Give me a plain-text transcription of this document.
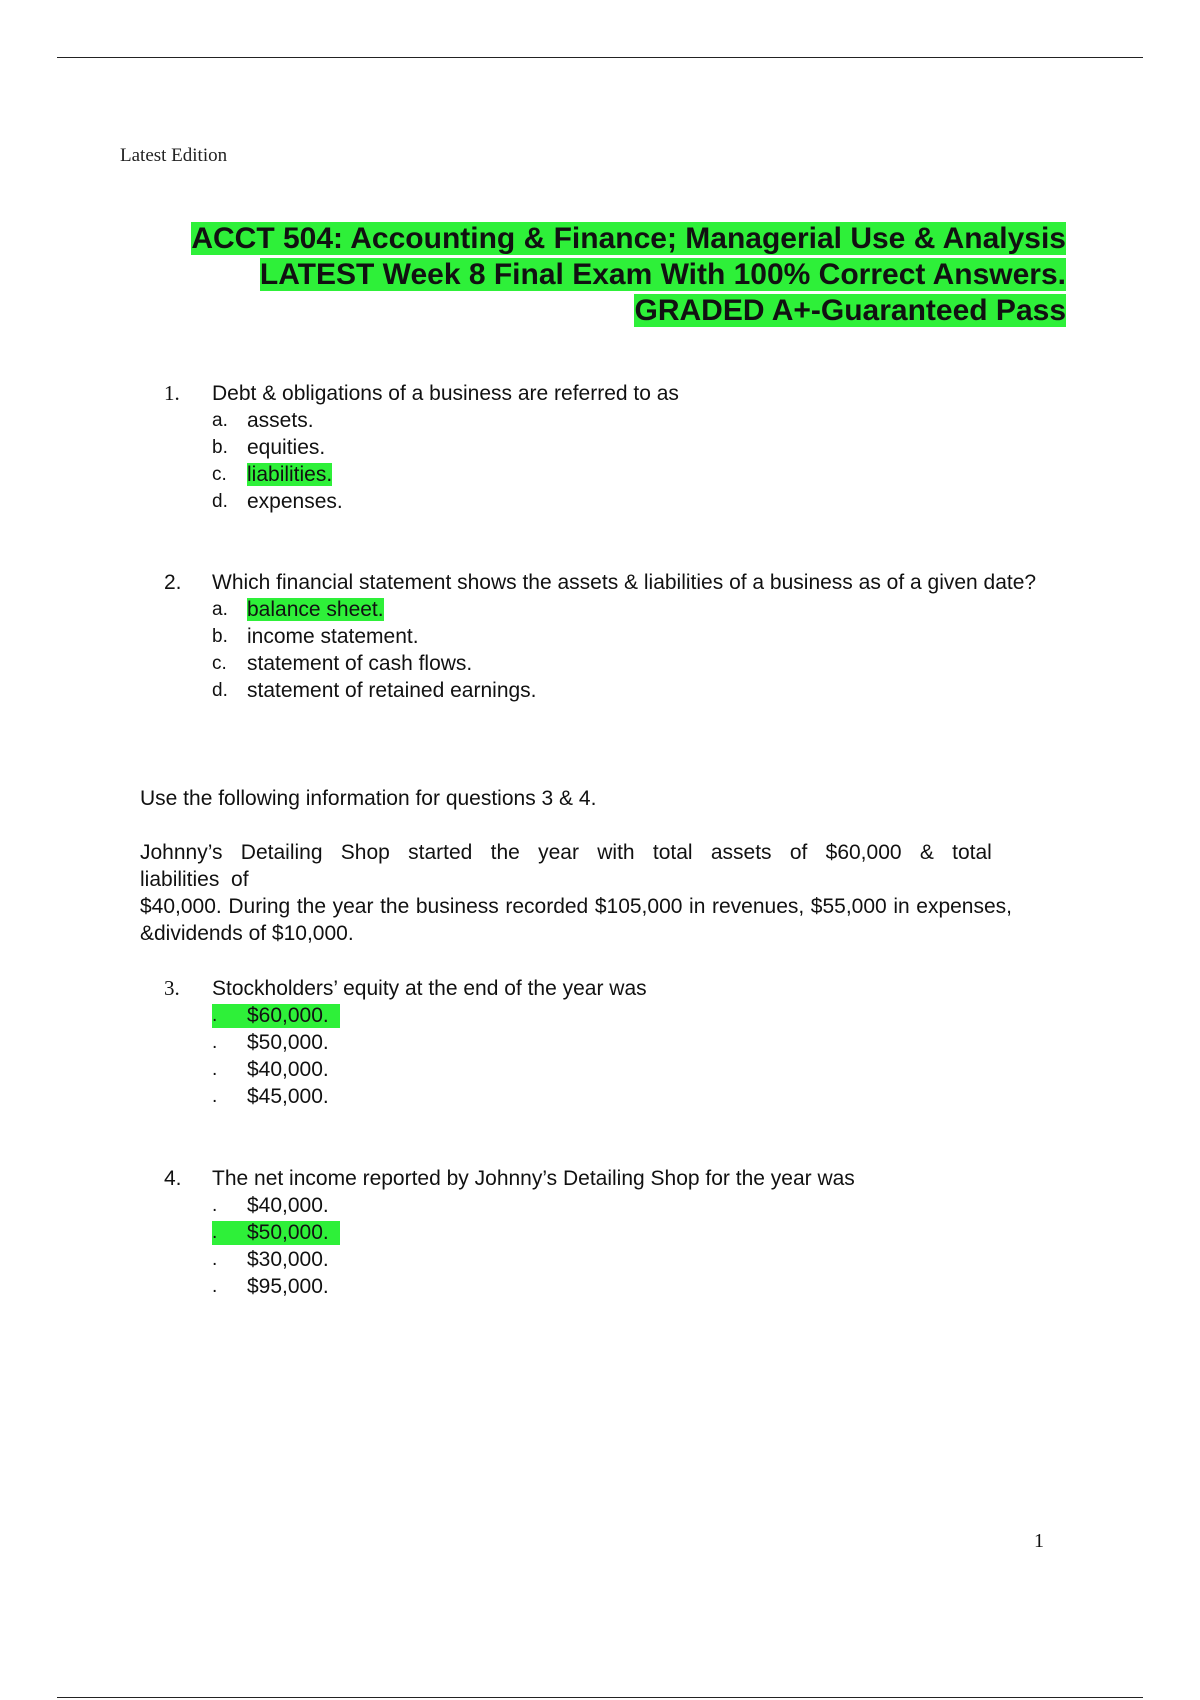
Latest Edition
ACCT 504: Accounting & Finance; Managerial Use & Analysis
LATEST Week 8 Final Exam With 100% Correct Answers.
GRADED A+-Guaranteed Pass
1. Debt & obligations of a business are referred to as
a. assets.
b. equities.
c. liabilities.
d. expenses.
2. Which financial statement shows the assets & liabilities of a business as of a given date?
a. balance sheet.
b. income statement.
c. statement of cash flows.
d. statement of retained earnings.

Use the following information for questions 3 & 4.

Johnny’s Detailing Shop started the year with total assets of $60,000 & total
liabilities  of
$40,000. During the year the business recorded $105,000 in revenues, $55,000 in expenses, &dividends of $10,000.
3. Stockholders’ equity at the end of the year was
. $60,000.
. $50,000.
. $40,000.
. $45,000.
4. The net income reported by Johnny’s Detailing Shop for the year was
. $40,000.
. $50,000.
. $30,000.
. $95,000.
1
